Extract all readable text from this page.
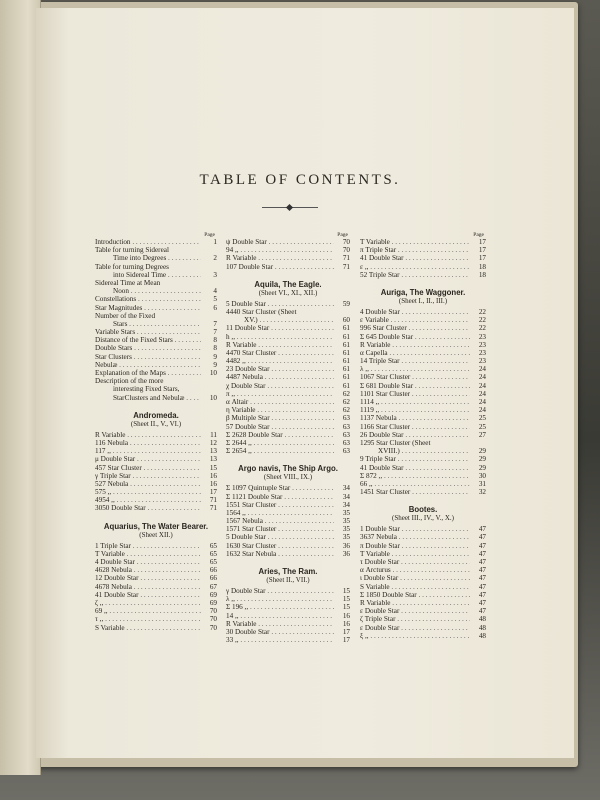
TABLE OF CONTENTS.
Page
Introduction . . .	1
Table for turning Sidereal
Time into Degrees . . .	2
Table for turning Degrees
into Sidereal Time . . .	3
Sidereal Time at Mean
Noon . . .	4
Constellations . . .	5
Star Magnitudes . . .	6
Number of the Fixed
Stars . . .	7
Variable Stars . . .	7
Distance of the Fixed Stars . . .	8
Double Stars . . .	8
Star Clusters . . .	9
Nebulæ . . .	9
Explanation of the Maps . . .	10
Description of the more
interesting Fixed Stars,
StarClusters and Nebulæ . . .	10
Andromeda.
(Sheet II., V., VI.)
R Variable . . .	11
116 Nebula . . .	12
117 ,, . . .	13
μ Double Star . . .	13
457 Star Cluster . . .	15
γ Triple Star . . .	16
527 Nebula . . .	16
575 ,, . . .	17
4954 ,, . . .	71
3050 Double Star . . .	71
Aquarius, The Water Bearer.
(Sheet XII.)
1 Triple Star . . .	65
T Variable . . .	65
4 Double Star . . .	65
4628 Nebula . . .	66
12 Double Star . . .	66
4678 Nebula . . .	67
41 Double Star . . .	69
ζ ,, . . .	69
69 ,, . . .	70
τ ,, . . .	70
S Variable . . .	70
Page
ψ Double Star . . .	70
94 ,, . . .	70
R Variable . . .	71
107 Double Star . . .	71
Aquila, The Eagle.
(Sheet VI., XI., XII.)
5 Double Star . . .	59
4440 Star Cluster (Sheet
XV.) . . .	60
11 Double Star . . .	61
h ,, . . .	61
R Variable . . .	61
4470 Star Cluster . . .	61
4482 ,, . . .	61
23 Double Star . . .	61
4487 Nebula . . .	61
χ Double Star . . .	61
π ,, . . .	62
α Altair . . .	62
η Variable . . .	62
β Multiple Star . . .	63
57 Double Star . . .	63
Σ 2628 Double Star . . .	63
Σ 2644 ,, . . .	63
Σ 2654 ,, . . .	63
Argo navis, The Ship Argo.
(Sheet VIII., IX.)
Σ 1097 Quintuple Star . . .	34
Σ 1121 Double Star . . .	34
1551 Star Cluster . . .	34
1564 ,, . . .	35
1567 Nebula . . .	35
1571 Star Cluster . . .	35
5 Double Star . . .	35
1630 Star Cluster . . .	36
1632 Star Nebula . . .	36
Aries, The Ram.
(Sheet II., VII.)
γ Double Star . . .	15
λ ,, . . .	15
Σ 196 ,, . . .	15
14 ,, . . .	16
R Variable . . .	16
30 Double Star . . .	17
33 ,, . . .	17
Page
T Variable . . .	17
π Triple Star . . .	17
41 Double Star . . .	17
ε ,, . . .	18
52 Triple Star . . .	18
Auriga, The Waggoner.
(Sheet I., II., III.)
4 Double Star . . .	22
ε Variable . . .	22
996 Star Cluster . . .	22
Σ 645 Double Star . . .	23
R Variable . . .	23
α Capella . . .	23
14 Triple Star . . .	23
λ ,, . . .	24
1067 Star Cluster . . .	24
Σ 681 Double Star . . .	24
1101 Star Cluster . . .	24
1114 ,, . . .	24
1119 ,, . . .	24
1137 Nebula . . .	25
1166 Star Cluster . . .	25
26 Double Star . . .	27
1295 Star Cluster (Sheet
XVIII.) . . .	29
9 Triple Star . . .	29
41 Double Star . . .	29
Σ 872 ,, . . .	30
66 ,, . . .	31
1451 Star Cluster . . .	32
Bootes.
(Sheet III., IV., V., X.)
1 Double Star . . .	47
3637 Nebula . . .	47
π Double Star . . .	47
T Variable . . .	47
τ Double Star . . .	47
α Arcturus . . .	47
ι Double Star . . .	47
S Variable . . .	47
Σ 1850 Double Star . . .	47
R Variable . . .	47
ε Double Star . . .	47
ζ Triple Star . . .	48
ε Double Star . . .	48
ξ ,, . . .	48
